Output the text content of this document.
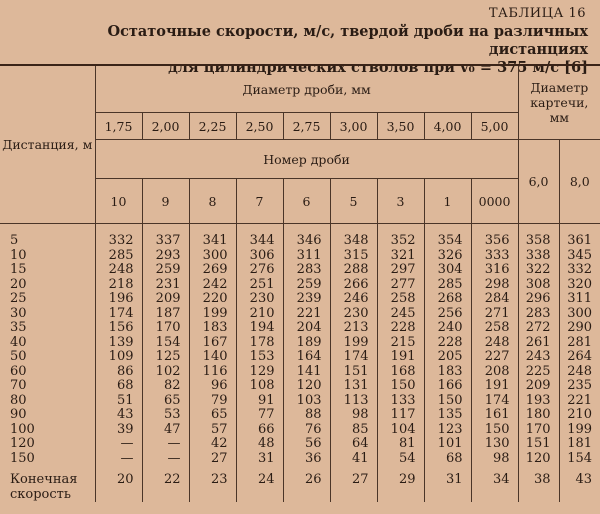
ТАБЛИЦА 16
Остаточные скорости, м/с, твердой дроби на различных дистанциях
для цилиндрических стволов при v₀ = 375 м/с [6]
Дистанция, м	Диаметр дроби, мм									Диаметр картечи, мм	
	1,75	2,00	2,25	2,50	2,75	3,00	3,50	4,00	5,00		
	Номер дроби									6,0	8,0
	10	9	8	7	6	5	3	1	0000		
5	332	337	341	344	346	348	352	354	356	358	361
10	285	293	300	306	311	315	321	326	333	338	345
15	248	259	269	276	283	288	297	304	316	322	332
20	218	231	242	251	259	266	277	285	298	308	320
25	196	209	220	230	239	246	258	268	284	296	311
30	174	187	199	210	221	230	245	256	271	283	300
35	156	170	183	194	204	213	228	240	258	272	290
40	139	154	167	178	189	199	215	228	248	261	281
50	109	125	140	153	164	174	191	205	227	243	264
60	86	102	116	129	141	151	168	183	208	225	248
70	68	82	96	108	120	131	150	166	191	209	235
80	51	65	79	91	103	113	133	150	174	193	221
90	43	53	65	77	88	98	117	135	161	180	210
100	39	47	57	66	76	85	104	123	150	170	199
120	—	—	42	48	56	64	81	101	130	151	181
150	—	—	27	31	36	41	54	68	98	120	154

Конечная
скорость	20	22	23	24	26	27	29	31	34	38	43
